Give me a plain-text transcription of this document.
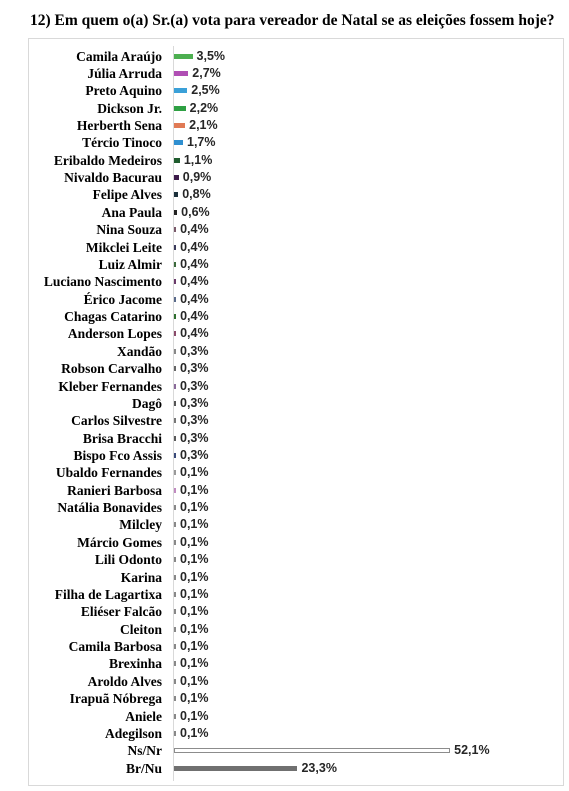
12) Em quem o(a) Sr.(a) vota para vereador de Natal se as eleições fossem hoje?
Camila Araújo	3,5%
Júlia Arruda 2,7%
Preto Aquino 2,5%
Dickson Jr. 2,2%
Herberth Sena 2,1%
Tércio Tinoco 1,7%
Eribaldo Medeiros 1,1%
Nivaldo Bacurau 0,9%
Felipe Alves 0,8%
Ana Paula 0,6%
Nina Souza 0,4%
Mikclei Leite 0,4%
Luiz Almir 0,4%
Luciano Nascimento 0,4%
Érico Jacome 0,4%
Chagas Catarino 0,4%
Anderson Lopes 0,4%
Xandão 0,3%
Robson Carvalho 0,3%
Kleber Fernandes 0,3%
Dagô 0,3%
Carlos Silvestre 0,3%
Brisa Bracchi 0,3%
Bispo Fco Assis 0,3%
Ubaldo Fernandes 0,1%
Ranieri Barbosa 0,1%
Natália Bonavides 0,1%
Milcley 0,1%
Márcio Gomes 0,1%
Lili Odonto 0,1%
Karina 0,1%
Filha de Lagartixa 0,1%
Eliéser Falcão 0,1%
Cleiton 0,1%
Camila Barbosa 0,1%
Brexinha 0,1%
Aroldo Alves 0,1%
Irapuã Nóbrega 0,1%
Aniele 0,1%
Adegilson 0,1%
Ns/Nr	52,1%
Br/Nu	23,3%
